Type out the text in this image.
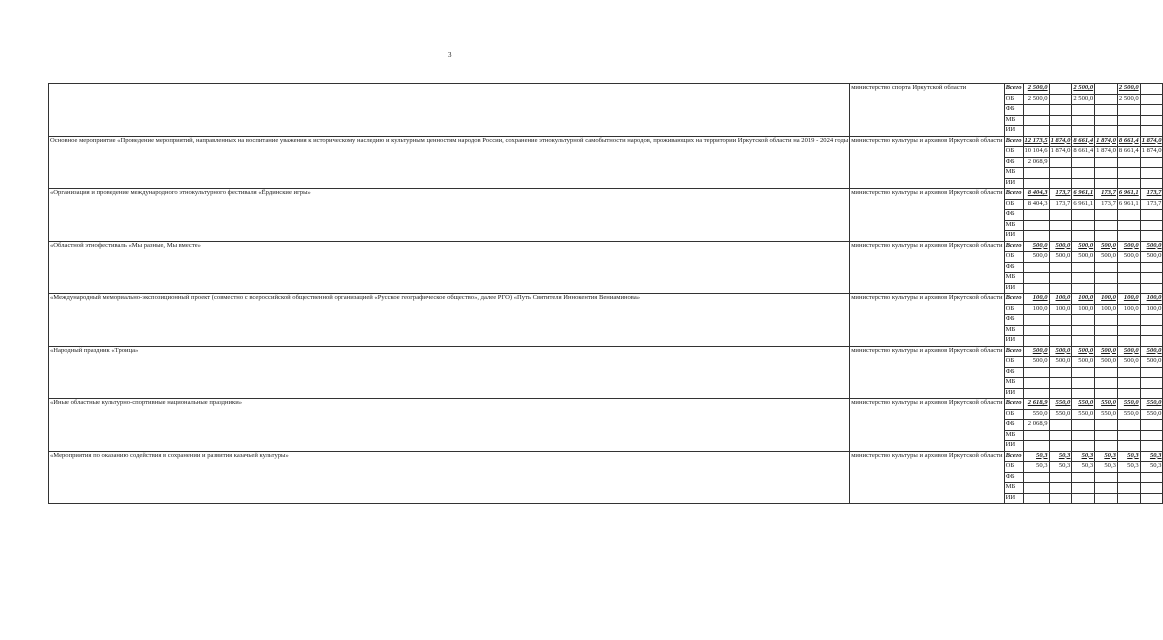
3
	министерство спорта Иркутской области	Всего	2 500,0		2 500,0		2 500,0	
		ОБ	2 500,0		2 500,0		2 500,0	
		ФБ						
		МБ						
		ИИ						
Основное мероприятие «Проведение мероприятий, направленных на воспитание уважения к историческому наследию и культурным ценностям народов России, сохранение этнокультурной самобытности народов, проживающих на территории Иркутской области на 2019 - 2024 годы	министерство культуры и архивов Иркутской области	Всего	12 173,5	1 874,0	8 661,4	1 874,0	8 661,4	1 874,0
		ОБ	10 104,6	1 874,0	8 661,4	1 874,0	8 661,4	1 874,0
		ФБ	2 068,9					
		МБ						
		ИИ						
«Организация и проведение международного этнокультурного фестиваля «Ёрдинские игры»	министерство культуры и архивов Иркутской области	Всего	8 404,3	173,7	6 961,1	173,7	6 961,1	173,7
		ОБ	8 404,3	173,7	6 961,1	173,7	6 961,1	173,7
		ФБ						
		МБ						
		ИИ						
«Областной этнофестиваль «Мы разные, Мы вместе»	министерство культуры и архивов Иркутской области	Всего	500,0	500,0	500,0	500,0	500,0	500,0
		ОБ	500,0	500,0	500,0	500,0	500,0	500,0
		ФБ						
		МБ						
		ИИ						
«Международный мемориально-экспозиционный проект (совместно с всероссийской общественной организацией «Русское географическое общество», далее РГО) «Путь Святителя Иннокентия Вениаминова»	министерство культуры и архивов Иркутской области	Всего	100,0	100,0	100,0	100,0	100,0	100,0
		ОБ	100,0	100,0	100,0	100,0	100,0	100,0
		ФБ						
		МБ						
		ИИ						
«Народный праздник «Троица»	министерство культуры и архивов Иркутской области	Всего	500,0	500,0	500,0	500,0	500,0	500,0
		ОБ	500,0	500,0	500,0	500,0	500,0	500,0
		ФБ						
		МБ						
		ИИ						
«Иные областные культурно-спортивные национальные праздники»	министерство культуры и архивов Иркутской области	Всего	2 618,9	550,0	550,0	550,0	550,0	550,0
		ОБ	550,0	550,0	550,0	550,0	550,0	550,0
		ФБ	2 068,9					
		МБ						
		ИИ						
«Мероприятия по оказанию содействия в сохранении и развития казачьей культуры»	министерство культуры и архивов Иркутской области	Всего	50,3	50,3	50,3	50,3	50,3	50,3
		ОБ	50,3	50,3	50,3	50,3	50,3	50,3
		ФБ						
		МБ						
		ИИ						
